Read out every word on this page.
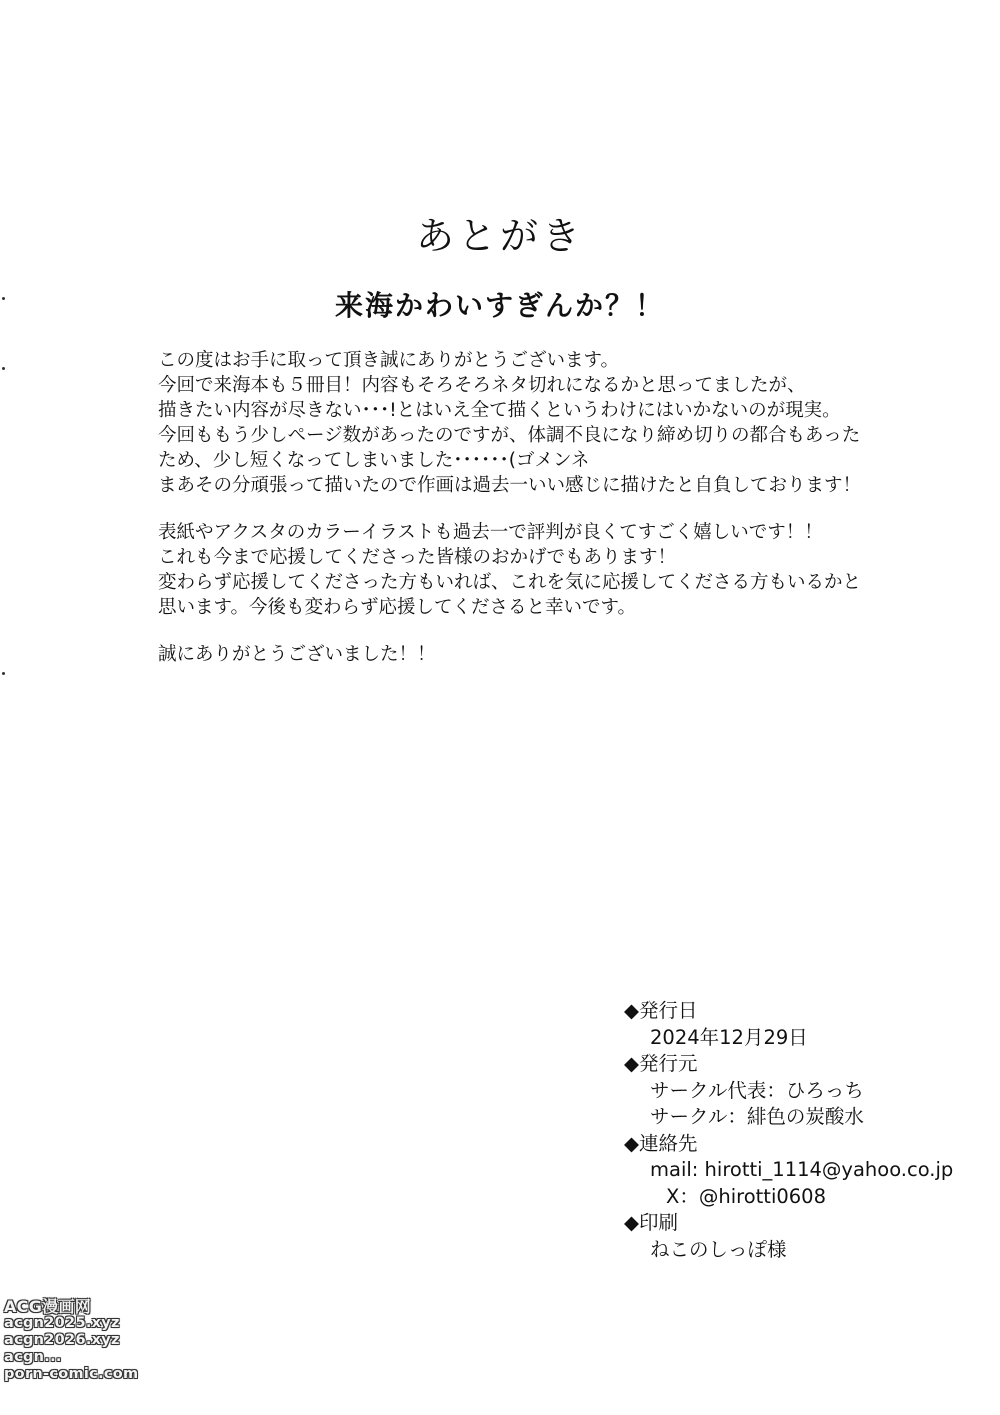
あとがき
来海かわいすぎんか？！
この度はお手に取って頂き誠にありがとうございます。
今回で来海本も５冊目！内容もそろそろネタ切れになるかと思ってましたが、
描きたい内容が尽きない･･･!とはいえ全て描くというわけにはいかないのが現実。
今回ももう少しページ数があったのですが、体調不良になり締め切りの都合もあった
ため、少し短くなってしまいました･･････(ゴメンネ
まあその分頑張って描いたので作画は過去一いい感じに描けたと自負しております！
表紙やアクスタのカラーイラストも過去一で評判が良くてすごく嬉しいです！！
これも今まで応援してくださった皆様のおかげでもあります！
変わらず応援してくださった方もいれば、これを気に応援してくださる方もいるかと
思います。今後も変わらず応援してくださると幸いです。
誠にありがとうございました！！
◆発行日
2024年12月29日
◆発行元
サークル代表：ひろっち
サークル：緋色の炭酸水
◆連絡先
mail: hirotti_1114@yahoo.co.jp
X：@hirotti0608
◆印刷
ねこのしっぽ様
ACG漫画网
acgn2025.xyz
acgn2026.xyz
acgn...
porn-comic.com
